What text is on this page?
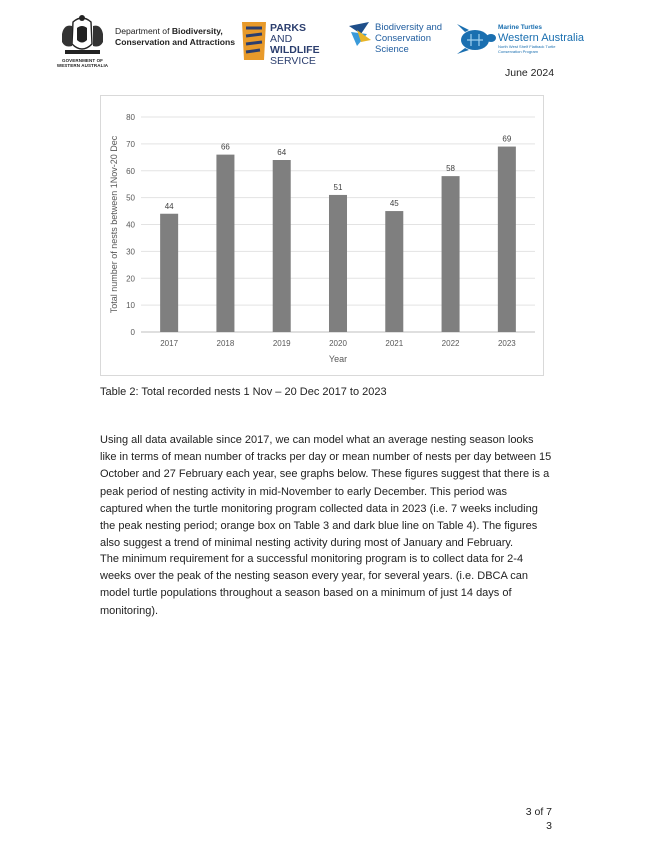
GOVERNMENT OF WESTERN AUSTRALIA
Department of Biodiversity,
Conservation and Attractions
PARKS AND
WILDLIFE
SERVICE
Biodiversity and
Conservation
Science
Marine Turtles
Western Australia
North West Shelf Flatback Turtle
Conservation Program
June 2024
0
10
20
30
40
50
60
70
80
44
2017
66
2018
64
2019
51
2020
45
2021
58
2022
69
2023
Year
Total number of nests between 1Nov-20 Dec
Table 2: Total recorded nests 1 Nov – 20 Dec 2017 to 2023

Using all data available since 2017, we can model what an average nesting season looks like in terms of mean number of tracks per day or mean number of nests per day between 15 October and 27 February each year, see graphs below. These figures suggest that there is a peak period of nesting activity in mid-November to early December. This period was captured when the turtle monitoring program collected data in 2023 (i.e. 7 weeks including the peak nesting period; orange box on Table 3 and dark blue line on Table 4). The figures also suggest a trend of minimal nesting activity during most of January and February.

The minimum requirement for a successful monitoring program is to collect data for 2-4 weeks over the peak of the nesting season every year, for several years. (i.e. DBCA can model turtle populations throughout a season based on a minimum of just 14 days of monitoring).

3 of 7
3
